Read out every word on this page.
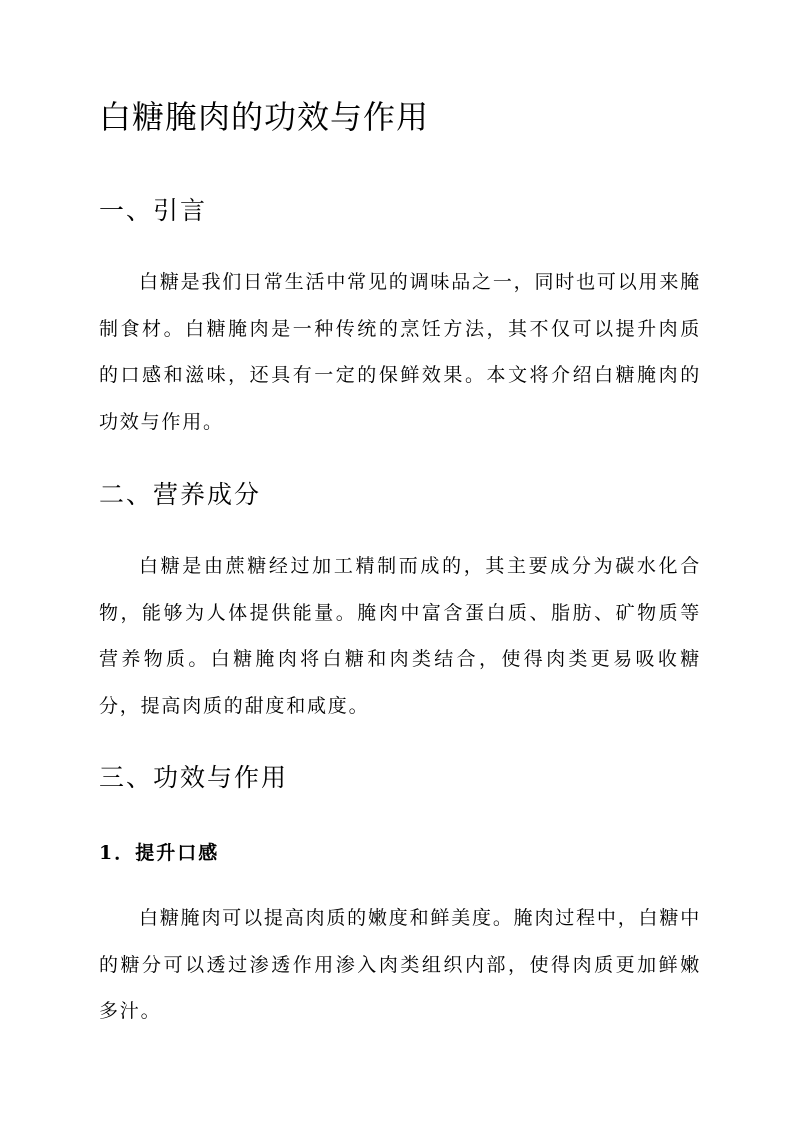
白糖腌肉的功效与作用
一、引言

白糖是我们日常生活中常见的调味品之一，同时也可以用来腌制食材。白糖腌肉是一种传统的烹饪方法，其不仅可以提升肉质的口感和滋味，还具有一定的保鲜效果。本文将介绍白糖腌肉的功效与作用。

二、营养成分

白糖是由蔗糖经过加工精制而成的，其主要成分为碳水化合物，能够为人体提供能量。腌肉中富含蛋白质、脂肪、矿物质等营养物质。白糖腌肉将白糖和肉类结合，使得肉类更易吸收糖分，提高肉质的甜度和咸度。

三、功效与作用
1．提升口感

白糖腌肉可以提高肉质的嫩度和鲜美度。腌肉过程中，白糖中的糖分可以透过渗透作用渗入肉类组织内部，使得肉质更加鲜嫩多汁。
